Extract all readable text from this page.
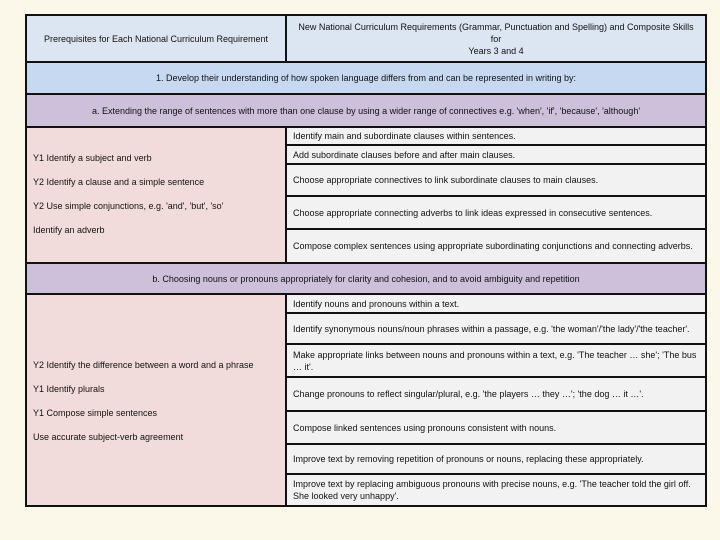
Prerequisites for Each National Curriculum Requirement
New National Curriculum Requirements (Grammar, Punctuation and Spelling) and Composite Skills for
Years 3 and 4
1. Develop their understanding of how spoken language differs from and can be represented in writing by:
a. Extending the range of sentences with more than one clause by using a wider range of connectives e.g. 'when', 'if', 'because', 'although'
Y1 Identify a subject and verb
Y2 Identify a clause and a simple sentence
Y2 Use simple conjunctions, e.g. 'and', 'but', 'so'
Identify an adverb
Identify main and subordinate clauses within sentences.
Add subordinate clauses before and after main clauses.
Choose appropriate connectives to link subordinate clauses to main clauses.
Choose appropriate connecting adverbs to link ideas expressed in consecutive sentences.
Compose complex sentences using appropriate subordinating conjunctions and connecting adverbs.
b. Choosing nouns or pronouns appropriately for clarity and cohesion, and to avoid ambiguity and repetition
Y2 Identify the difference between a word and a phrase
Y1 Identify plurals
Y1 Compose simple sentences
Use accurate subject-verb agreement
Identify nouns and pronouns within a text.
Identify synonymous nouns/noun phrases within a passage, e.g. 'the woman'/'the lady'/'the teacher'.
Make appropriate links between nouns and pronouns within a text, e.g. 'The teacher … she'; 'The bus … it'.
Change pronouns to reflect singular/plural, e.g. 'the players … they …'; 'the dog … it …'.
Compose linked sentences using pronouns consistent with nouns.
Improve text by removing repetition of pronouns or nouns, replacing these appropriately.
Improve text by replacing ambiguous pronouns with precise nouns, e.g. 'The teacher told the girl off. She looked very unhappy'.
